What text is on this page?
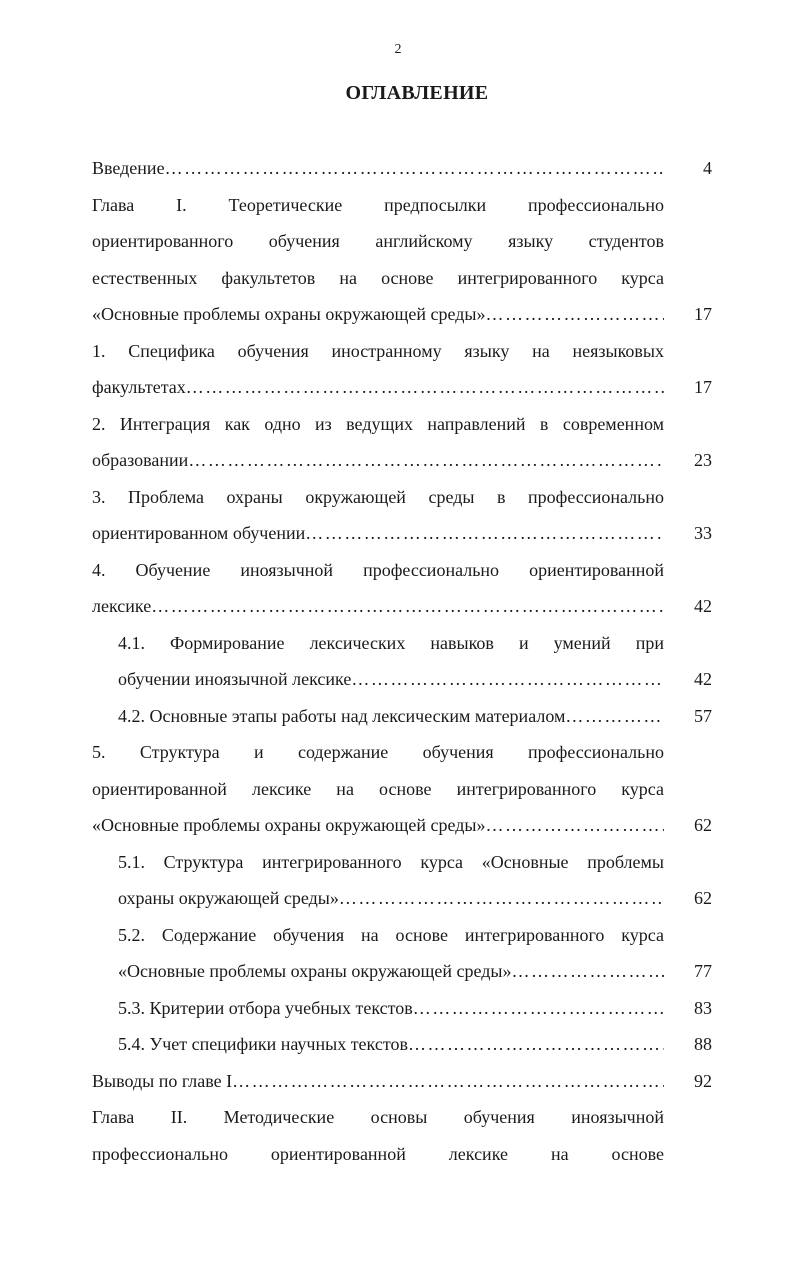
2
ОГЛАВЛЕНИЕ
Введение ………………………………………………………………………………………………………………………………………………………………………………	4
Глава I. Теоретические предпосылки профессионально
ориентированного обучения английскому языку студентов
естественных факультетов на основе интегрированного курса
«Основные проблемы охраны окружающей среды» ………………………………………………………………………………………………………………………………………………………………………………	17
1. Специфика обучения иностранному языку на неязыковых
факультетах ………………………………………………………………………………………………………………………………………………………………………………	17
2. Интеграция как одно из ведущих направлений в современном
образовании ………………………………………………………………………………………………………………………………………………………………………………	23
3. Проблема охраны окружающей среды в профессионально
ориентированном обучении ………………………………………………………………………………………………………………………………………………………………………………	33
4. Обучение иноязычной профессионально ориентированной
лексике ………………………………………………………………………………………………………………………………………………………………………………	42
4.1. Формирование лексических навыков и умений при
обучении иноязычной лексике ………………………………………………………………………………………………………………………………………………………………………………	42
4.2. Основные этапы работы над лексическим материалом ………………………………………………………………………………………………………………………………………………………………………………	57
5. Структура и содержание обучения профессионально
ориентированной лексике на основе интегрированного курса
«Основные проблемы охраны окружающей среды» ………………………………………………………………………………………………………………………………………………………………………………	62
5.1. Структура интегрированного курса «Основные проблемы
охраны окружающей среды» ………………………………………………………………………………………………………………………………………………………………………………	62
5.2. Содержание обучения на основе интегрированного курса
«Основные проблемы охраны окружающей среды» ………………………………………………………………………………………………………………………………………………………………………………	77
5.3. Критерии отбора учебных текстов ………………………………………………………………………………………………………………………………………………………………………………	83
5.4. Учет специфики научных текстов ………………………………………………………………………………………………………………………………………………………………………………	88
Выводы по главе I ………………………………………………………………………………………………………………………………………………………………………………	92
Глава II. Методические основы обучения иноязычной
профессионально ориентированной лексике на основе
